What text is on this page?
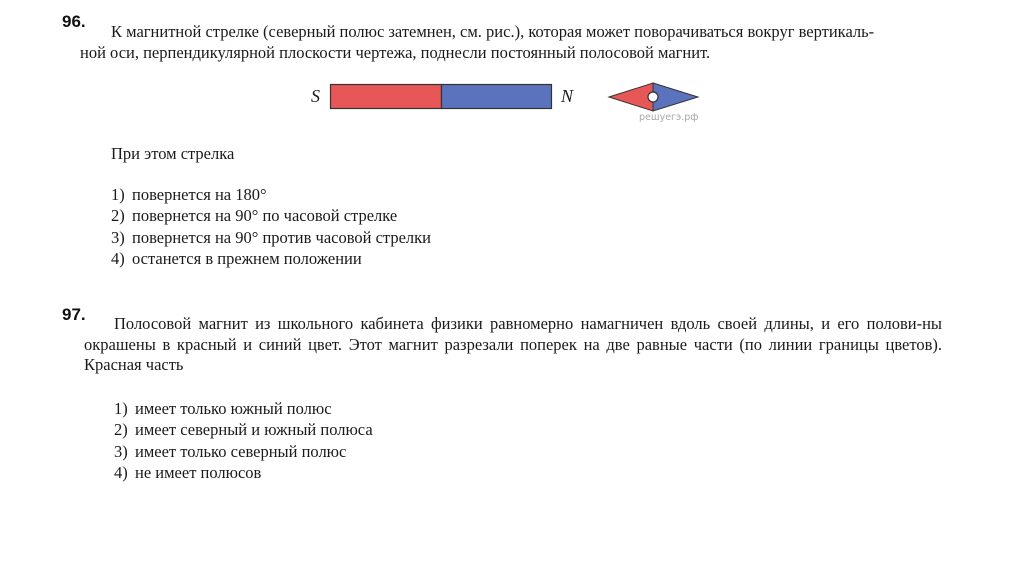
96.
К магнитной стрелке (северный полюс затемнен, см. рис.), которая может поворачиваться вокруг вертикаль-
ной оси, перпендикулярной плоскости чертежа, поднесли постоянный полосовой магнит.
S	N
решуегэ.рф
При этом стрелка
1) повернется на 180°
2) повернется на 90° по часовой стрелке
3) повернется на 90° против часовой стрелки
4) останется в прежнем положении
97.	Полосовой магнит из школьного кабинета физики равномерно намагничен вдоль своей длины, и его полови-ны окрашены в красный и синий цвет. Этот магнит разрезали поперек на две равные части (по линии границы цветов). Красная часть
1) имеет только южный полюс
2) имеет северный и южный полюса
3) имеет только северный полюс
4) не имеет полюсов
